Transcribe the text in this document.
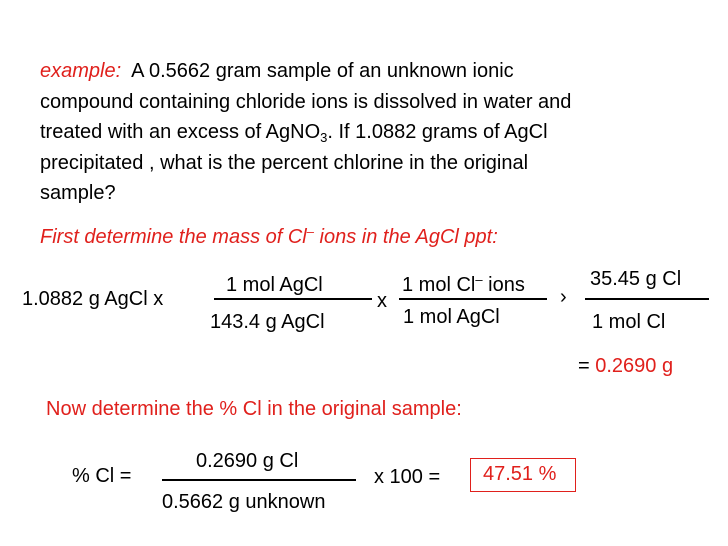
example: A 0.5662 gram sample of an unknown ionic
compound containing chloride ions is dissolved in water and
treated with an excess of AgNO$_3$. If 1.0882 grams of AgCl
precipitated , what is the percent chlorine in the original
sample?
First determine the mass of Cl– ions in the AgCl ppt:
1.0882 g AgCl x
1 mol AgCl
143.4 g AgCl
x
1 mol Cl– ions
1 mol AgCl
›
35.45 g Cl
1 mol Cl
= 0.2690 g
Now determine the % Cl in the original sample:
% Cl =
0.2690 g Cl
0.5662 g unknown
x 100 = 47.51 %
